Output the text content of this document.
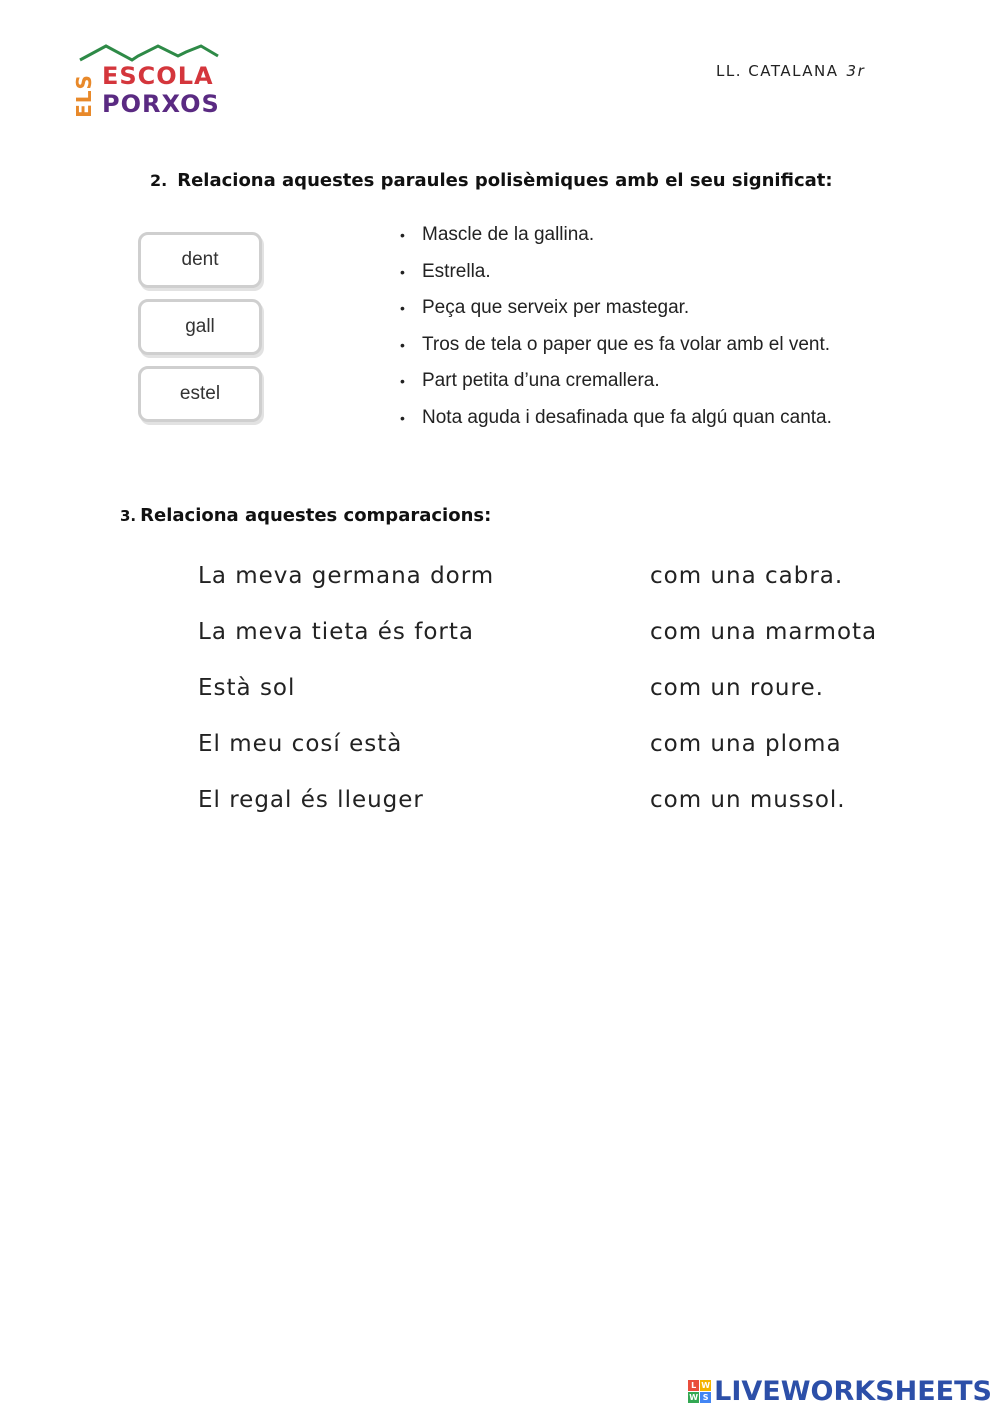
ELS ESCOLA
PORXOS
LL. CATALANA 3r
2. Relaciona aquestes paraules polisèmiques amb el seu significat:
dent
gall
estel
• Mascle de la gallina.
• Estrella.
• Peça que serveix per mastegar.
• Tros de tela o paper que es fa volar amb el vent.
• Part petita d’una cremallera.
• Nota aguda i desafinada que fa algú quan canta.
3. Relaciona aquestes comparacions:
La meva germana dorm
La meva tieta és forta
Està sol
El meu cosí està
El regal és lleuger
com una cabra.
com una marmota
com un roure.
com una ploma
com un mussol.
L W
W S LIVEWORKSHEETS
